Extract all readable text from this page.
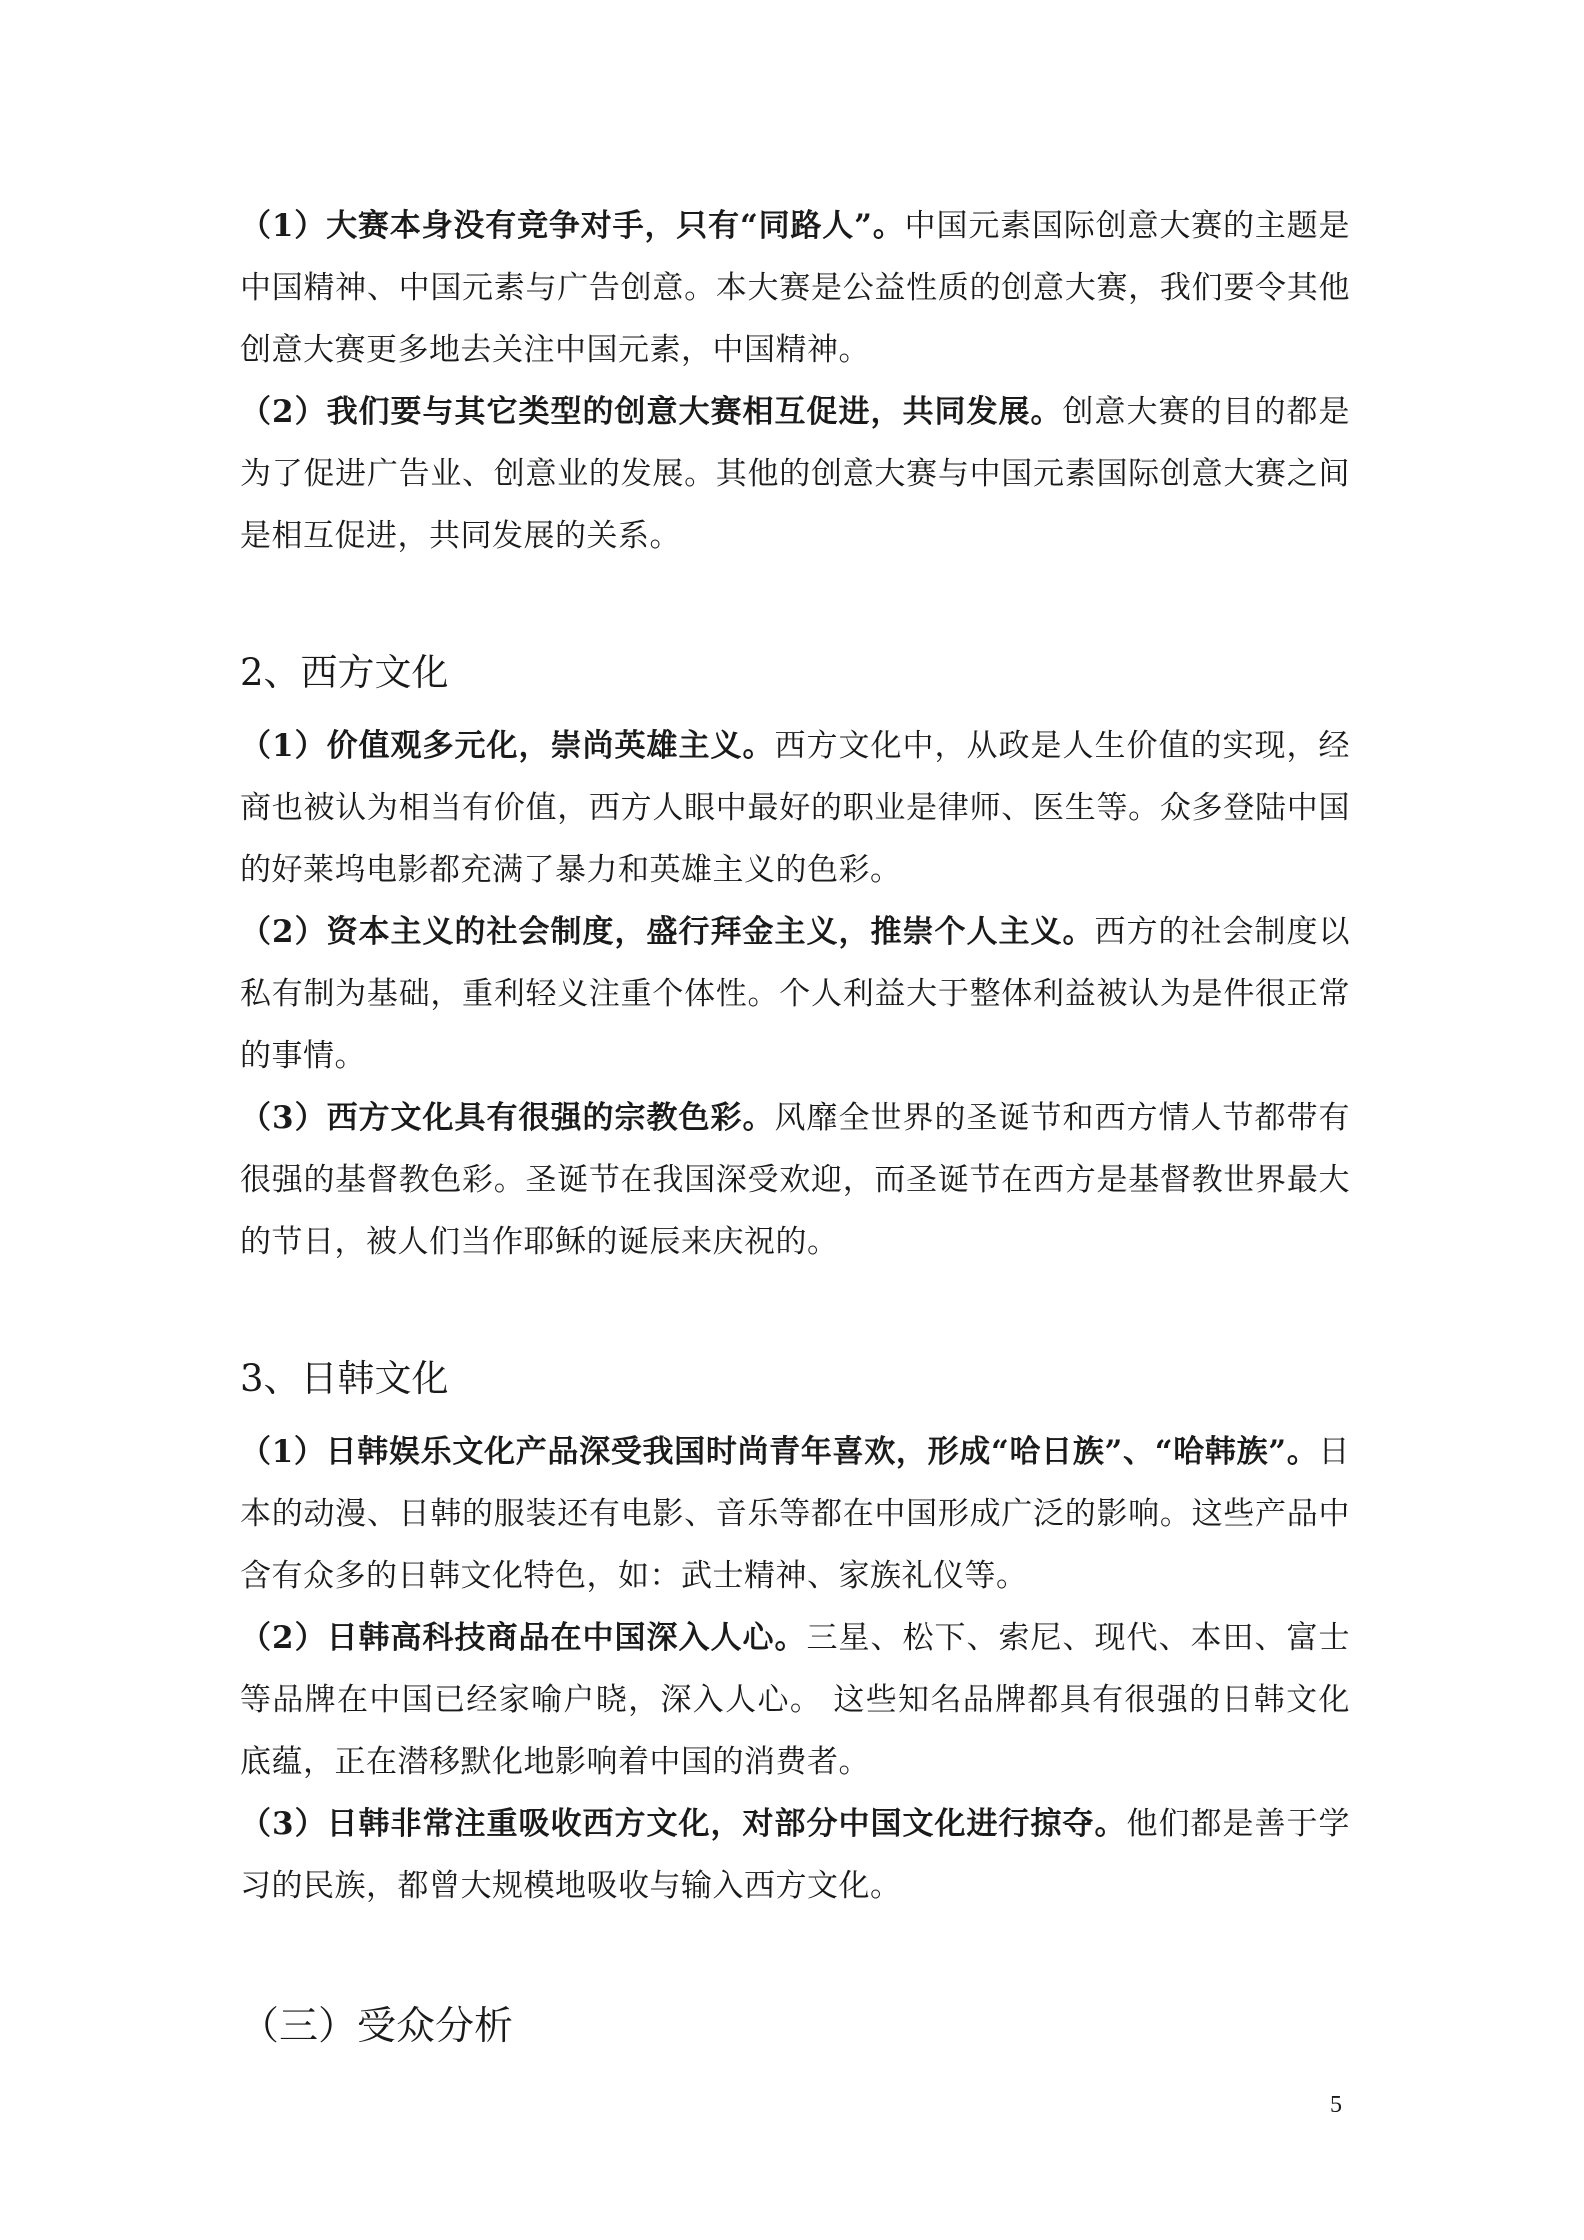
（1）大赛本身没有竞争对手，只有“同路人”。中国元素国际创意大赛的主题是中国精神、中国元素与广告创意。本大赛是公益性质的创意大赛，我们要令其他创意大赛更多地去关注中国元素，中国精神。

（2）我们要与其它类型的创意大赛相互促进，共同发展。创意大赛的目的都是为了促进广告业、创意业的发展。其他的创意大赛与中国元素国际创意大赛之间是相互促进，共同发展的关系。

2、西方文化

（1）价值观多元化，崇尚英雄主义。西方文化中，从政是人生价值的实现，经商也被认为相当有价值，西方人眼中最好的职业是律师、医生等。众多登陆中国的好莱坞电影都充满了暴力和英雄主义的色彩。

（2）资本主义的社会制度，盛行拜金主义，推崇个人主义。西方的社会制度以私有制为基础，重利轻义注重个体性。个人利益大于整体利益被认为是件很正常的事情。

（3）西方文化具有很强的宗教色彩。风靡全世界的圣诞节和西方情人节都带有很强的基督教色彩。圣诞节在我国深受欢迎，而圣诞节在西方是基督教世界最大的节日，被人们当作耶稣的诞辰来庆祝的。

3、日韩文化

（1）日韩娱乐文化产品深受我国时尚青年喜欢，形成“哈日族”、“哈韩族”。日本的动漫、日韩的服装还有电影、音乐等都在中国形成广泛的影响。这些产品中含有众多的日韩文化特色，如：武士精神、家族礼仪等。

（2）日韩高科技商品在中国深入人心。三星、松下、索尼、现代、本田、富士等品牌在中国已经家喻户晓，深入人心。 这些知名品牌都具有很强的日韩文化底蕴，正在潜移默化地影响着中国的消费者。

（3）日韩非常注重吸收西方文化，对部分中国文化进行掠夺。他们都是善于学习的民族，都曾大规模地吸收与输入西方文化。

（三）受众分析
5
